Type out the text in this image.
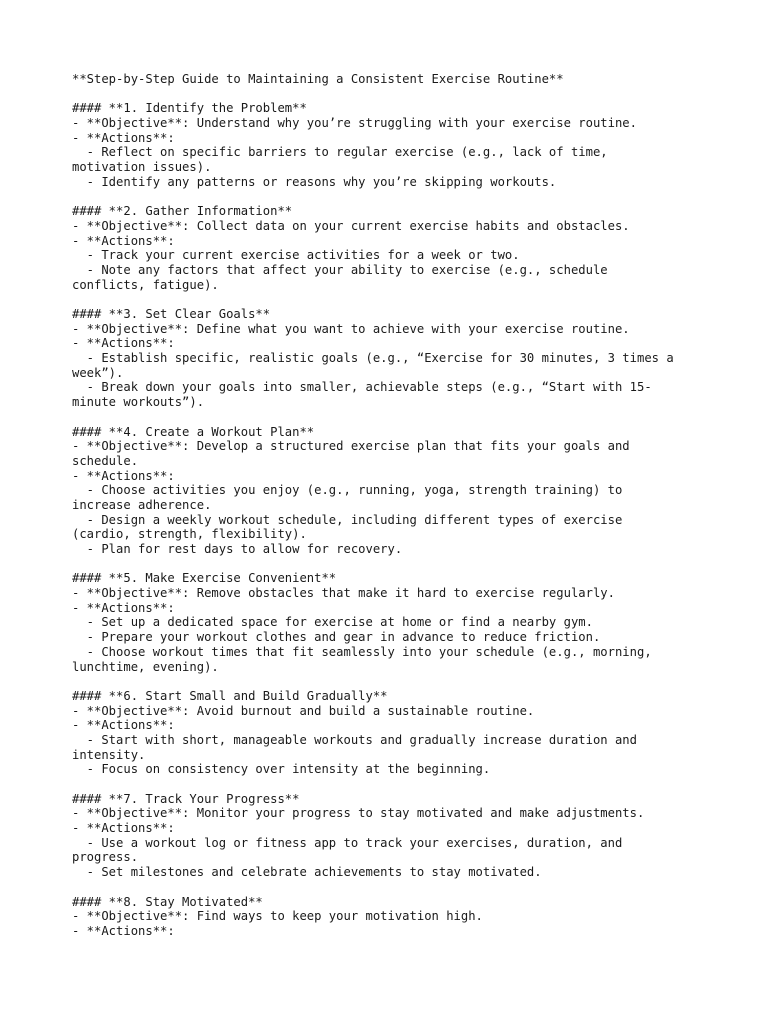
**Step-by-Step Guide to Maintaining a Consistent Exercise Routine**
#### **1. Identify the Problem**
- **Objective**: Understand why you’re struggling with your exercise routine.
- **Actions**:
- Reflect on specific barriers to regular exercise (e.g., lack of time,
motivation issues).
- Identify any patterns or reasons why you’re skipping workouts.
#### **2. Gather Information**
- **Objective**: Collect data on your current exercise habits and obstacles.
- **Actions**:
- Track your current exercise activities for a week or two.
- Note any factors that affect your ability to exercise (e.g., schedule
conflicts, fatigue).
#### **3. Set Clear Goals**
- **Objective**: Define what you want to achieve with your exercise routine.
- **Actions**:
- Establish specific, realistic goals (e.g., “Exercise for 30 minutes, 3 times a
week”).
- Break down your goals into smaller, achievable steps (e.g., “Start with 15-
minute workouts”).
#### **4. Create a Workout Plan**
- **Objective**: Develop a structured exercise plan that fits your goals and
schedule.
- **Actions**:
- Choose activities you enjoy (e.g., running, yoga, strength training) to
increase adherence.
- Design a weekly workout schedule, including different types of exercise
(cardio, strength, flexibility).
- Plan for rest days to allow for recovery.
#### **5. Make Exercise Convenient**
- **Objective**: Remove obstacles that make it hard to exercise regularly.
- **Actions**:
- Set up a dedicated space for exercise at home or find a nearby gym.
- Prepare your workout clothes and gear in advance to reduce friction.
- Choose workout times that fit seamlessly into your schedule (e.g., morning,
lunchtime, evening).
#### **6. Start Small and Build Gradually**
- **Objective**: Avoid burnout and build a sustainable routine.
- **Actions**:
- Start with short, manageable workouts and gradually increase duration and
intensity.
- Focus on consistency over intensity at the beginning.
#### **7. Track Your Progress**
- **Objective**: Monitor your progress to stay motivated and make adjustments.
- **Actions**:
- Use a workout log or fitness app to track your exercises, duration, and
progress.
- Set milestones and celebrate achievements to stay motivated.
#### **8. Stay Motivated**
- **Objective**: Find ways to keep your motivation high.
- **Actions**:
